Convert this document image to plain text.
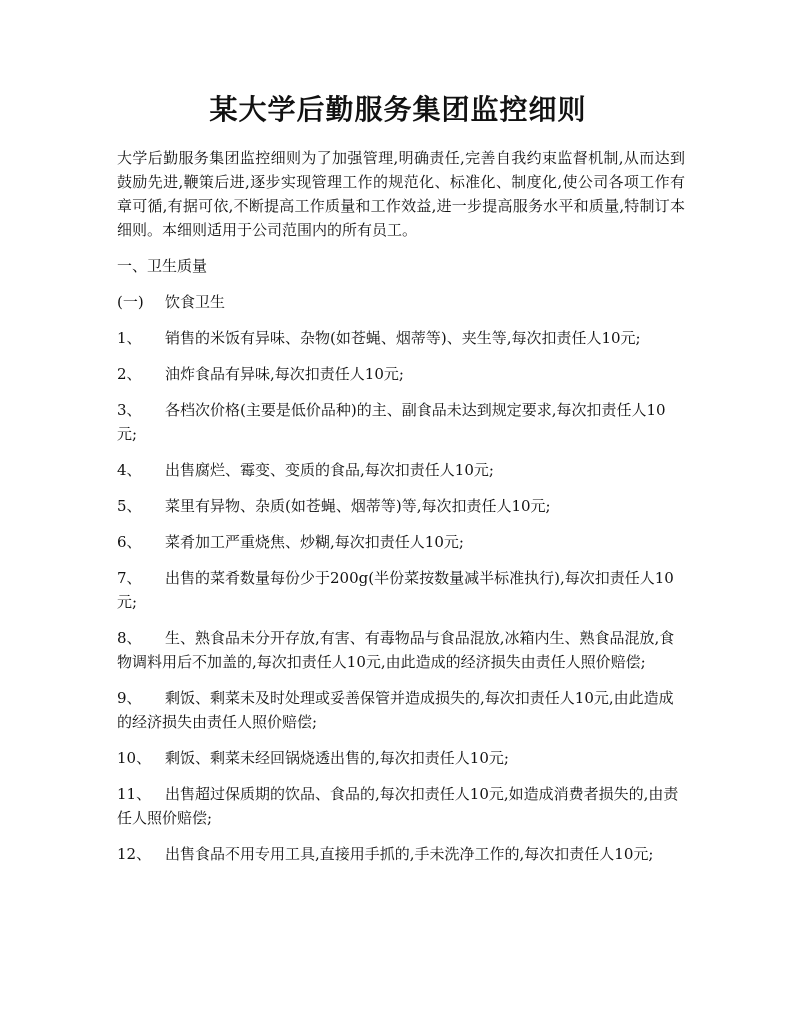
某大学后勤服务集团监控细则

大学后勤服务集团监控细则为了加强管理,明确责任,完善自我约束监督机制,从而达到鼓励先进,鞭策后进,逐步实现管理工作的规范化、标准化、制度化,使公司各项工作有章可循,有据可依,不断提高工作质量和工作效益,进一步提高服务水平和质量,特制订本细则。本细则适用于公司范围内的所有员工。

一、卫生质量

(一) 饮食卫生

1、 销售的米饭有异味、杂物(如苍蝇、烟蒂等)、夹生等,每次扣责任人10元;

2、 油炸食品有异味,每次扣责任人10元;

3、 各档次价格(主要是低价品种)的主、副食品未达到规定要求,每次扣责任人10元;

4、 出售腐烂、霉变、变质的食品,每次扣责任人10元;

5、 菜里有异物、杂质(如苍蝇、烟蒂等)等,每次扣责任人10元;

6、 菜肴加工严重烧焦、炒糊,每次扣责任人10元;

7、 出售的菜肴数量每份少于200g(半份菜按数量减半标准执行),每次扣责任人10元;

8、 生、熟食品未分开存放,有害、有毒物品与食品混放,冰箱内生、熟食品混放,食物调料用后不加盖的,每次扣责任人10元,由此造成的经济损失由责任人照价赔偿;

9、 剩饭、剩菜未及时处理或妥善保管并造成损失的,每次扣责任人10元,由此造成的经济损失由责任人照价赔偿;

10、 剩饭、剩菜未经回锅烧透出售的,每次扣责任人10元;

11、 出售超过保质期的饮品、食品的,每次扣责任人10元,如造成消费者损失的,由责任人照价赔偿;

12、 出售食品不用专用工具,直接用手抓的,手未洗净工作的,每次扣责任人10元;
